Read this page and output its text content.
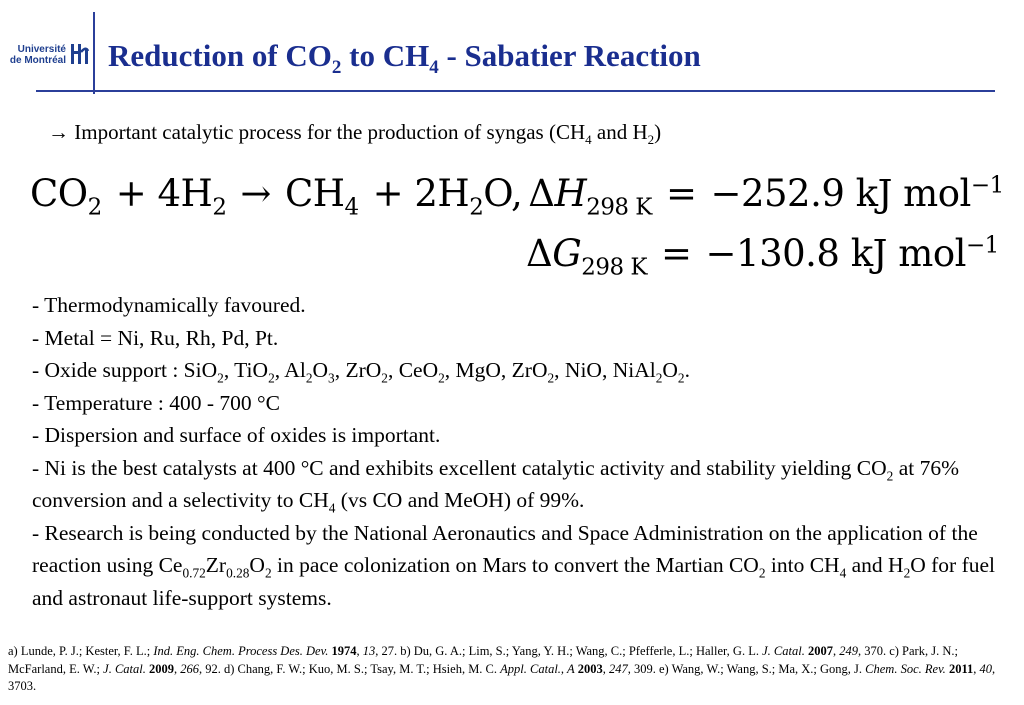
Université
de Montréal Reduction of $CO_2$ to $CH_4$ - Sabatier Reaction
→ Important catalytic process for the production of syngas ($CH_4$ and $H_2$)
$CO_2 + 4H_2 \to CH_4 + 2H_2O$, $\Delta H_{298 K} = -252.9$ kJ mol$^{-1}$
$\Delta G_{298 K} = -130.8$ kJ mol$^{-1}$

- Thermodynamically favoured.

- Metal = Ni, Ru, Rh, Pd, Pt.

- Oxide support : SiO$_2$, TiO$_2$, $Al_2O_3$, ZrO$_2$, CeO$_2$, MgO, ZrO$_2$, NiO, $NiAl_2O_2$.

- Temperature : 400 - 700 °C

- Dispersion and surface of oxides is important.

- Ni is the best catalysts at 400 °C and exhibits excellent catalytic activity and stability yielding $CO_2$ at 76% conversion and a selectivity to $CH_4$ (vs CO and MeOH) of 99%.

- Research is being conducted by the National Aeronautics and Space Administration on the application of the reaction using $Ce_{0.72}Zr_{0.28}O_2$ in pace colonization on Mars to convert the Martian $CO_2$ into $CH_4$ and $H_2O$ for fuel and astronaut life-support systems.

a) Lunde, P. J.; Kester, F. L.; Ind. Eng. Chem. Process Des. Dev. 1974, 13, 27. b) Du, G. A.; Lim, S.; Yang, Y. H.; Wang, C.; Pfefferle, L.; Haller, G. L. J. Catal. 2007, 249, 370. c) Park, J. N.; McFarland, E. W.; J. Catal. 2009, 266, 92. d) Chang, F. W.; Kuo, M. S.; Tsay, M. T.; Hsieh, M. C. Appl. Catal., A 2003, 247, 309. e) Wang, W.; Wang, S.; Ma, X.; Gong, J. Chem. Soc. Rev. 2011, 40, 3703.
